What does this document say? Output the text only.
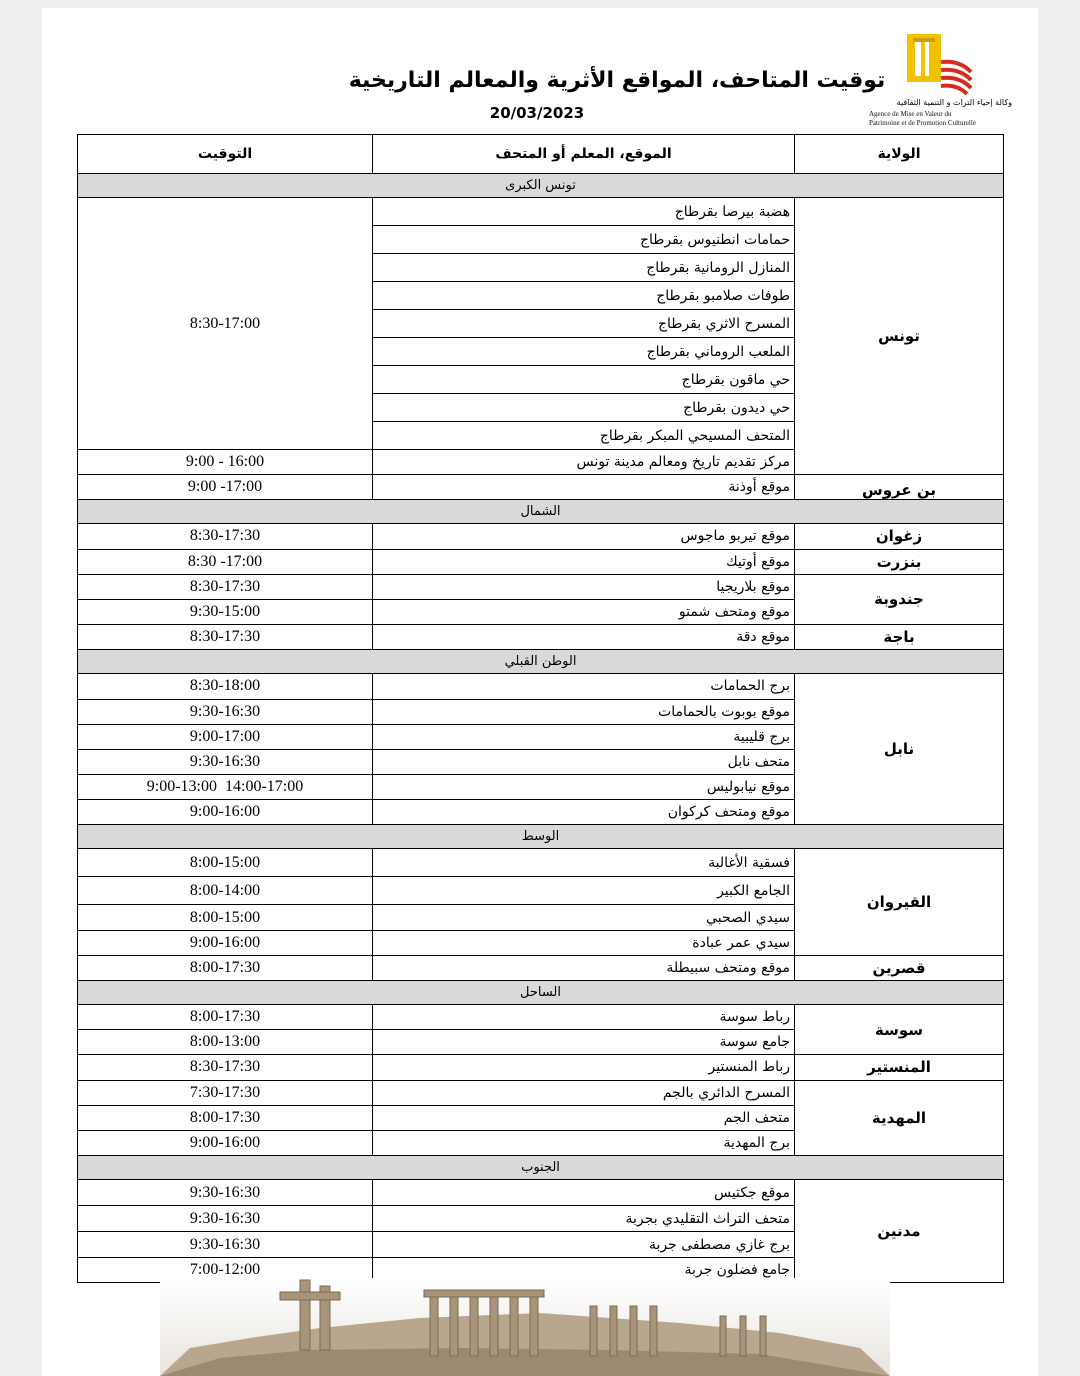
وكالة إحياء التراث و التنمية الثقافية
Agence de Mise en Valeur du
Patrimoine et de Promotion Culturelle
توقيت المتاحف، المواقع الأثرية والمعالم التاريخية
20/03/2023
الولاية	الموقع، المعلم أو المتحف	التوقيت
تونس الكبرى		
تونس	هضبة بيرصا بقرطاج	8:30-17:00
	حمامات انطنيوس بقرطاج	
	المنازل الرومانية بقرطاج	
	طوفات صلامبو بقرطاج	
	المسرح الاثري بقرطاج	
	الملعب الروماني بقرطاج	
	حي ماقون بقرطاج	
	حي ديدون بقرطاج	
	المتحف المسيحي المبكر بقرطاج	
	مركز تقديم تاريخ ومعالم مدينة تونس	9:00 - 16:00
بن عروس	موقع أوذنة	9:00 -17:00
الشمال		
زغوان	موقع تيربو ماجوس	8:30-17:30
بنزرت	موقع أوتيك	8:30 -17:00
جندوبة	موقع بلاريجيا	8:30-17:30
	موقع ومتحف شمتو	9:30-15:00
باجة	موقع دقة	8:30-17:30
الوطن القبلي		
نابل	برج الحمامات	8:30-18:00
	موقع بوبوت بالحمامات	9:30-16:30
	برج قليبية	9:00-17:00
	متحف نابل	9:30-16:30
	موقع نيابوليس	9:00-13:00  14:00-17:00
	موقع ومتحف كركوان	9:00-16:00
الوسط		
القيروان	فسقية الأغالبة	8:00-15:00
	الجامع الكبير	8:00-14:00
	سيدي الصحبي	8:00-15:00
	سيدي عمر عبادة	9:00-16:00
قصرين	موقع ومتحف سبيطلة	8:00-17:30
الساحل		
سوسة	رباط سوسة	8:00-17:30
	جامع سوسة	8:00-13:00
المنستير	رباط المنستير	8:30-17:30
المهدية	المسرح الدائري بالجم	7:30-17:30
	متحف الجم	8:00-17:30
	برج المهدية	9:00-16:00
الجنوب		
مدنين	موقع جكتيس	9:30-16:30
	متحف التراث التقليدي بجربة	9:30-16:30
	برج غازي مصطفى جربة	9:30-16:30
	جامع فضلون جربة	7:00-12:00
